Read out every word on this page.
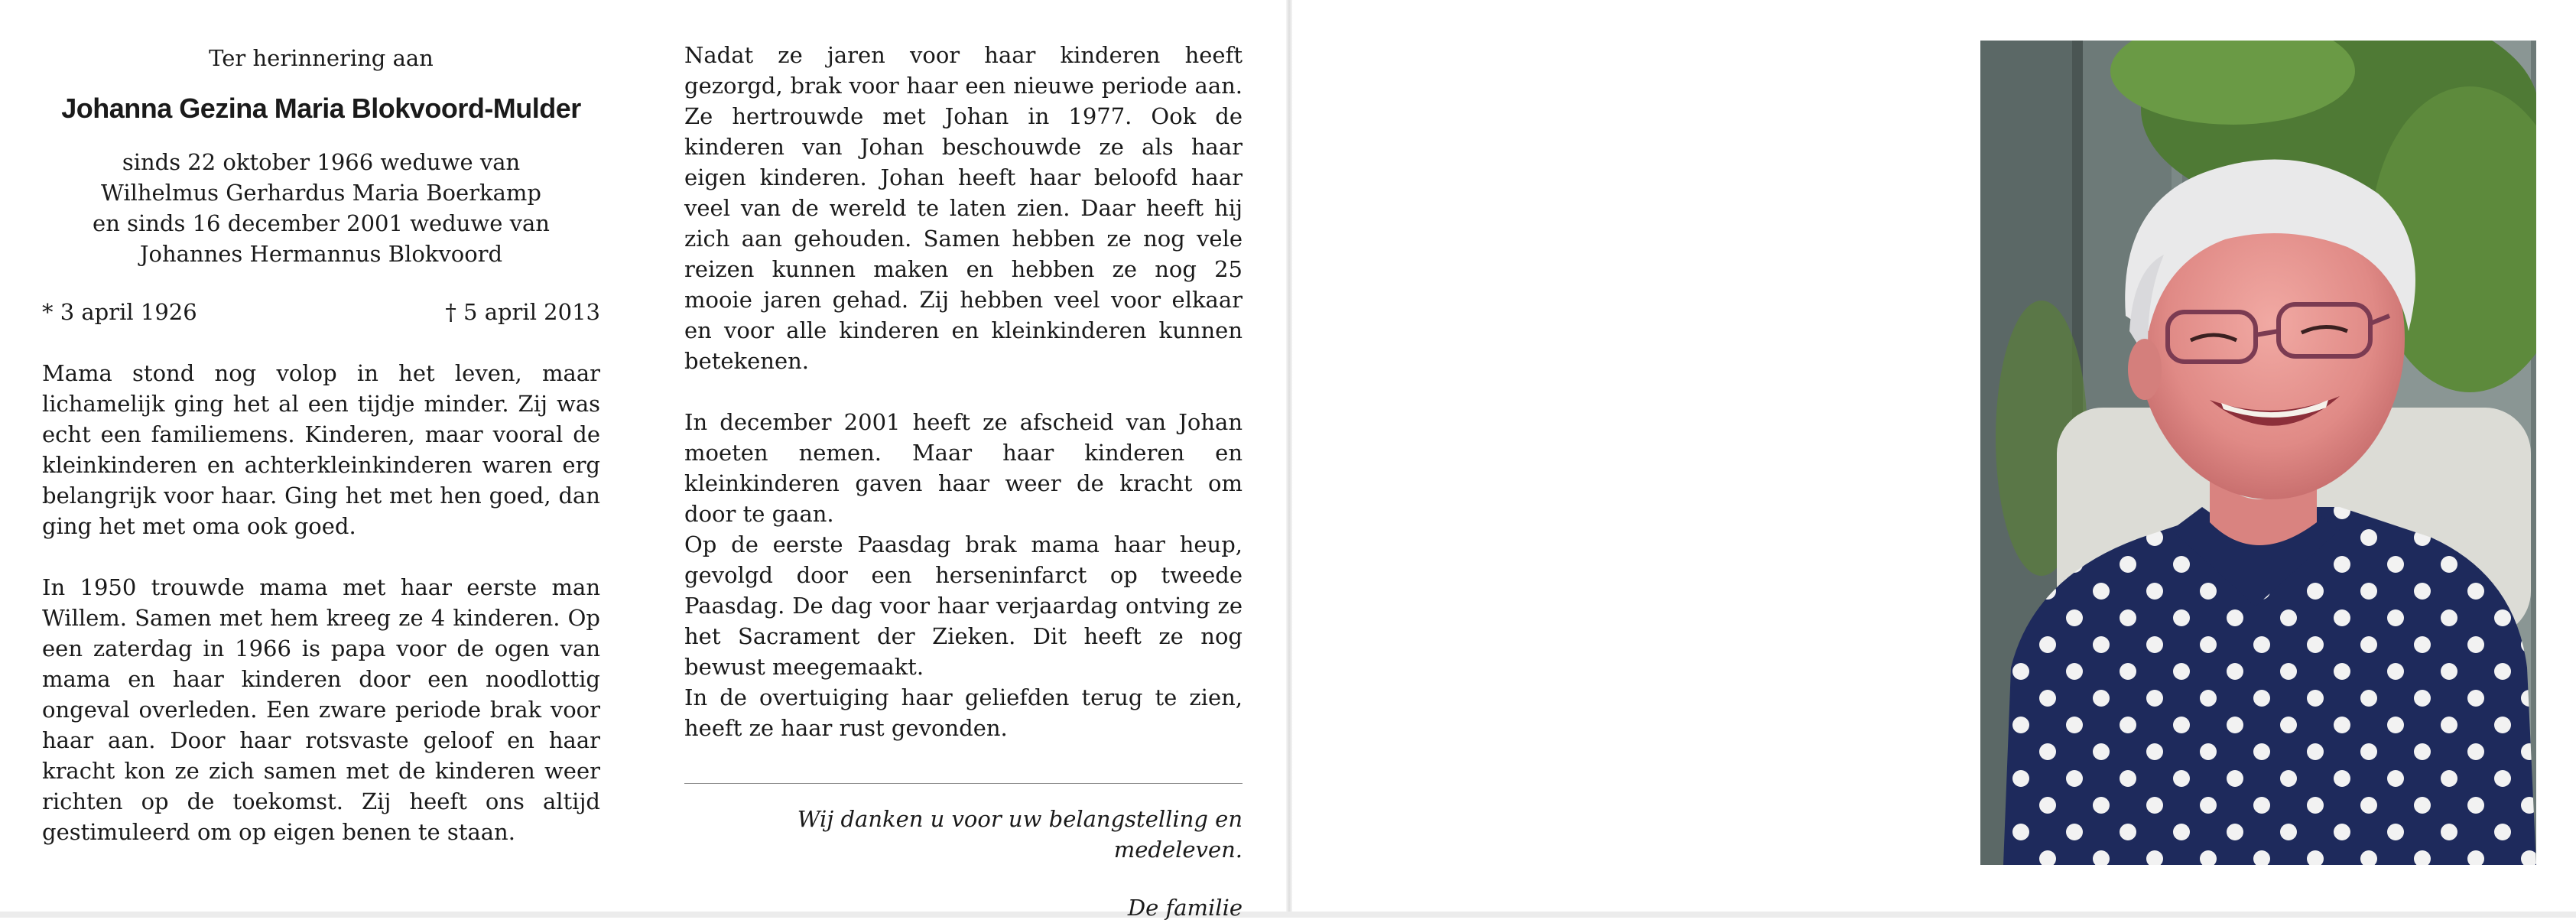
Ter herinnering aan
Johanna Gezina Maria Blokvoord-Mulder

sinds 22 oktober 1966 weduwe van

Wilhelmus Gerhardus Maria Boerkamp

en sinds 16 december 2001 weduwe van

Johannes Hermannus Blokvoord

* 3 april 1926	† 5 april 2013

Mama stond nog volop in het leven, maar lichamelijk ging het al een tijdje minder. Zij was echt een familiemens. Kinderen, maar vooral de kleinkinderen en achterkleinkinderen waren erg belangrijk voor haar. Ging het met hen goed, dan ging het met oma ook goed.

In 1950 trouwde mama met haar eerste man Willem. Samen met hem kreeg ze 4 kinderen. Op een zaterdag in 1966 is papa voor de ogen van mama en haar kinderen door een noodlottig ongeval overleden. Een zware periode brak voor haar aan. Door haar rotsvaste geloof en haar kracht kon ze zich samen met de kinderen weer richten op de toekomst. Zij heeft ons altijd gestimuleerd om op eigen benen te staan.

Nadat ze jaren voor haar kinderen heeft gezorgd, brak voor haar een nieuwe periode aan. Ze hertrouwde met Johan in 1977. Ook de kinderen van Johan beschouwde ze als haar eigen kinderen. Johan heeft haar beloofd haar veel van de wereld te laten zien. Daar heeft hij zich aan gehouden. Samen hebben ze nog vele reizen kunnen maken en hebben ze nog 25 mooie jaren gehad. Zij hebben veel voor elkaar en voor alle kinderen en kleinkinderen kunnen betekenen.

In december 2001 heeft ze afscheid van Johan moeten nemen. Maar haar kinderen en kleinkinderen gaven haar weer de kracht om door te gaan.

Op de eerste Paasdag brak mama haar heup, gevolgd door een herseninfarct op tweede Paasdag. De dag voor haar verjaardag ontving ze het Sacrament der Zieken. Dit heeft ze nog bewust meegemaakt.

In de overtuiging haar geliefden terug te zien, heeft ze haar rust gevonden.

Wij danken u voor uw belangstelling en medeleven.

De familie
